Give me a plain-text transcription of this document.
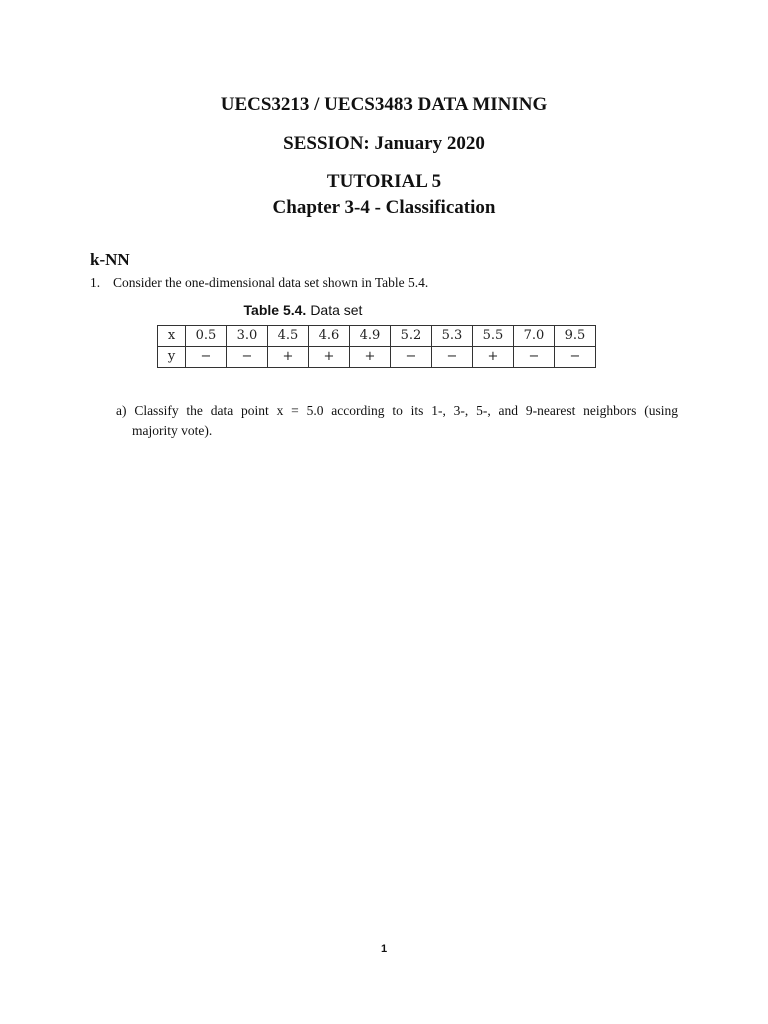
UECS3213 / UECS3483 DATA MINING
SESSION: January 2020
TUTORIAL 5
Chapter 3-4 - Classification
k-NN

1. Consider the one-dimensional data set shown in Table 5.4.

Table 5.4. Data set

x	0.5	3.0	4.5	4.6	4.9	5.2	5.3	5.5	7.0	9.5
y	−	−	+	+	+	−	−	+	−	−
a) Classify the data point x = 5.0 according to its 1-, 3-, 5-, and 9-nearest neighbors (using
majority vote).

1
